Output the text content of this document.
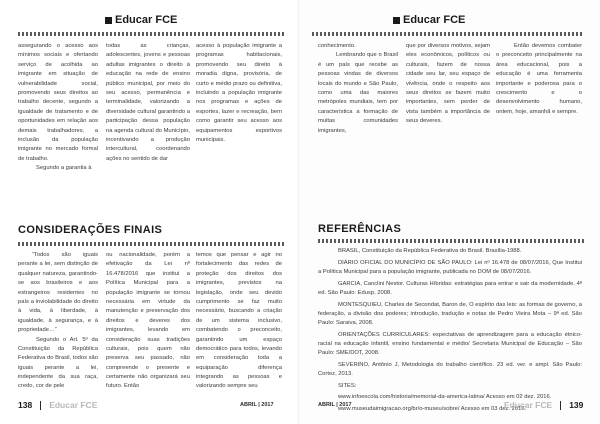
Educar FCE

assegurando o acesso aos mínimos sociais e ofertando serviço de acolhida ao imigrante em situação de vulnerabilidade social, promovendo seus direitos ao trabalho decente, segundo a igualdade de tratamento e de oportunidades em relação aos demais trabalhadores, a inclusão da população imigrante no mercado formal de trabalho.

Segundo a garantia à

todas as crianças, adolescentes, jovens e pessoas adultas imigrantes o direito à educação na rede de ensino público municipal, por meio do seu acesso, permanência e terminalidade, valorizando a diversidade cultural garantindo a participação dessa população na agenda cultural do Município, incentivando a produção intercultural, coordenando ações no sentido de dar

acesso à população imigrante a programas habitacionais, promovendo seu direito à moradia digna, provisória, de curto e médio prazo ou definitiva, incluindo a população imigrante nos programas e ações de esportes, lazer e recreação, bem como garantir seu acesso aos equipamentos esportivos municipais.

CONSIDERAÇÕES FINAIS

“Todos são iguais perante a lei, sem distinção de qualquer natureza, garantindo-se aos brasileiros e aos estrangeiros residentes no país a inviolabilidade do direito à vida, à liberdade, à igualdade, à segurança, e à propriedade…”

Segundo o Art. 5º da Constituição da República Federativa do Brasil, todos são iguais perante a lei, independente da sua raça, credo, cor de pele

ou nacionalidade, porém a efetivação da Lei nº 16.478/2016 que institui a Política Municipal para a população imigrante se tornou necessária em virtude da manutenção e preservação dos direitos e deveres dos imigrantes, levando em consideração suas tradições culturais, pois quem não preserva seu passado, não compreende o presente e certamente não organizará seu futuro. Então

temos que pensar e agir no fortalecimento das redes de proteção dos direitos dos imigrantes, previstos na legislação, onde seu devido cumprimento se faz muito necessário, buscando a criação de um sistema inclusivo, combatendo o preconceito, garantindo um espaço democrático para todos, levando em consideração toda a equiparação diferença integrando as pessoas e valorizando sempre seu

138 Educar FCE	ABRIL | 2017
Educar FCE

conhecimento.

Lembrando que o Brasil é um país que recebe as pessoas vindas de diversos locais do mundo e São Paulo, como uma das maiores metrópoles mundiais, tem por característica a formação de muitas comunidades imigrantes,

que por diversos motivos, sejam eles econômicos, políticos ou culturais, fazem de nossa cidade seu lar, seu espaço de vivência, onde o respeito aos seus direitos se fazem muito importantes, sem perder de vista também a importância de seus deveres.

Então devemos combater o preconceito principalmente na área educacional, pois a educação é uma ferramenta importante e poderosa para o crescimento e o desenvolvimento humano, ontem, hoje, amanhã e sempre.

REFERÊNCIAS

BRASIL, Constituição da República Federativa do Brasil. Brasília-1988.

DIÁRIO OFICIAL DO MUNICÍPIO DE SÃO PAULO: Lei nº 16.478 de 08/07/2016, Que Institui a Política Municipal para a população imigrante, publicada no DOM de 08/07/2016.

GARCIA, Canclini Nestor. Culturas Híbridas: estratégias para entrar e sair da modernidade. 4ª ed. São Paulo: Edusp, 2008.

MONTESQUIEU, Charles de Secondat, Baron de, O espírito das leis: as formas de governo, a federação, a divisão dos poderes; introdução, tradução e notas de Pedro Vieira Mota – 9ª ed. São Paulo: Saraiva, 2008.

ORIENTAÇÕES CURRICULARES: expectativas de aprendizagem para a educação étnico-racial na educação infantil, ensino fundamental e médio/ Secretaria Municipal de Educação – São Paulo: SME/DOT, 2008.

SEVERINO, Antônio J, Metodologia do trabalho científico. 23 ed. ver. e ampl. São Paulo: Cortez, 2013.

SITES:

www.infoescola.com/historia/memorial-da-america-latina/ Acesso em 02 dez. 2016.

www.museudaimigracao.org/br/o-museu/sobre/ Acesso em 03 dez. 2016.

ABRIL | 2017	Educar FCE 139
